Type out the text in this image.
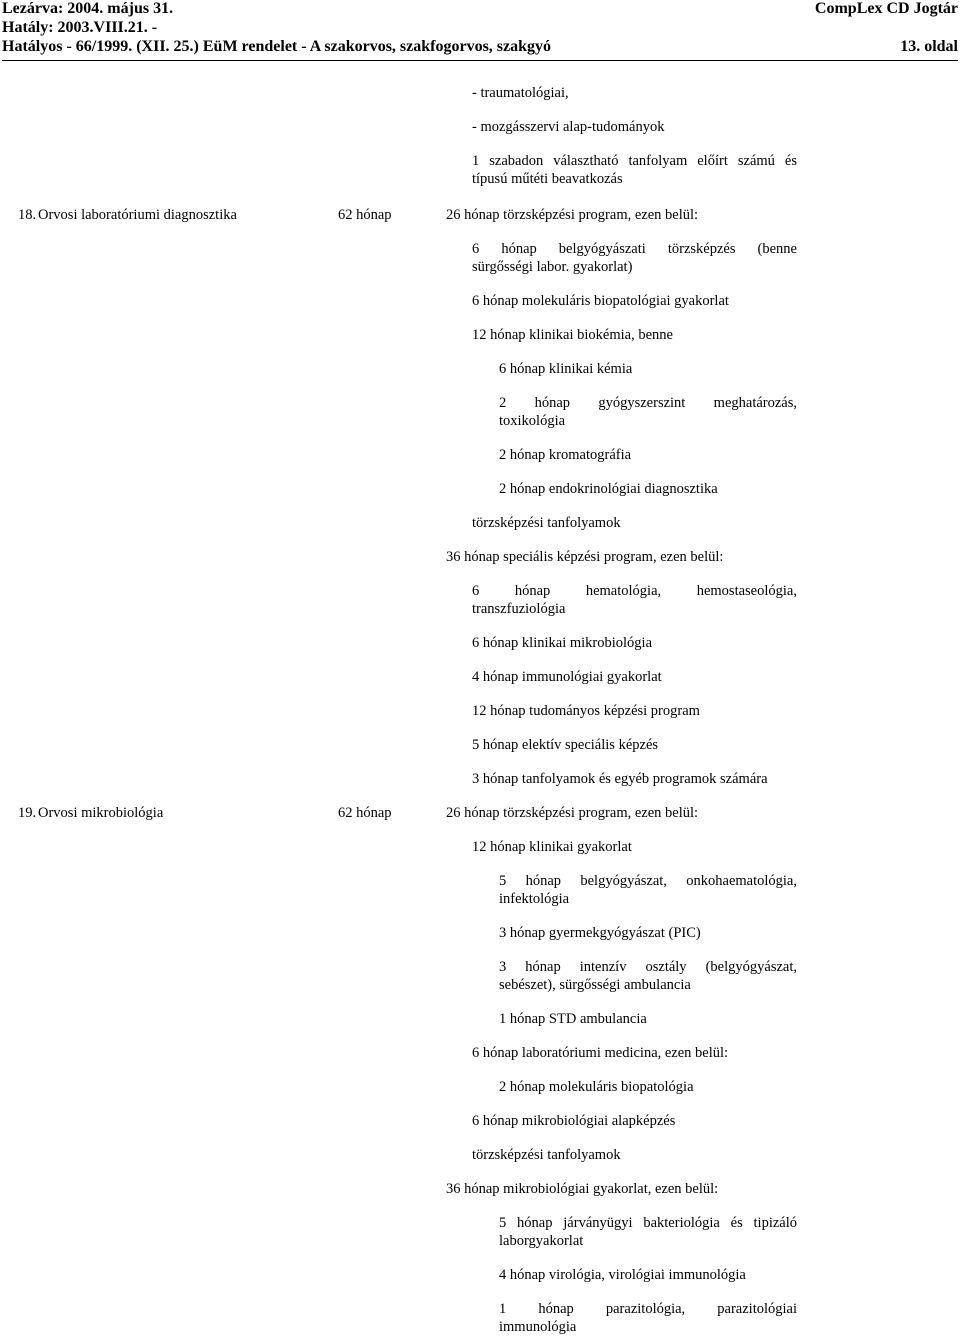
Lezárva: 2004. május 31.	CompLex CD Jogtár
Hatály: 2003.VIII.21. -
Hatályos - 66/1999. (XII. 25.) EüM rendelet - A szakorvos, szakfogorvos, szakgyó	13. oldal
- traumatológiai,
- mozgásszervi alap-tudományok
1 szabadon választható tanfolyam előírt számú és
típusú műtéti beavatkozás
18. Orvosi laboratóriumi diagnosztika	62 hónap	26 hónap törzsképzési program, ezen belül:
6 hónap belgyógyászati törzsképzés (benne
sürgősségi labor. gyakorlat)
6 hónap molekuláris biopatológiai gyakorlat
12 hónap klinikai biokémia, benne
6 hónap klinikai kémia
2 hónap gyógyszerszint meghatározás,
toxikológia
2 hónap kromatográfia
2 hónap endokrinológiai diagnosztika
törzsképzési tanfolyamok
36 hónap speciális képzési program, ezen belül:
6 hónap hematológia, hemostaseológia,
transzfuziológia
6 hónap klinikai mikrobiológia
4 hónap immunológiai gyakorlat
12 hónap tudományos képzési program
5 hónap elektív speciális képzés
3 hónap tanfolyamok és egyéb programok számára
19. Orvosi mikrobiológia	62 hónap	26 hónap törzsképzési program, ezen belül:
12 hónap klinikai gyakorlat
5 hónap belgyógyászat, onkohaematológia,
infektológia
3 hónap gyermekgyógyászat (PIC)
3 hónap intenzív osztály (belgyógyászat,
sebészet), sürgősségi ambulancia
1 hónap STD ambulancia
6 hónap laboratóriumi medicina, ezen belül:
2 hónap molekuláris biopatológia
6 hónap mikrobiológiai alapképzés
törzsképzési tanfolyamok
36 hónap mikrobiológiai gyakorlat, ezen belül:
5 hónap járványügyi bakteriológia és tipizáló
laborgyakorlat
4 hónap virológia, virológiai immunológia
1 hónap parazitológia, parazitológiai
immunológia
